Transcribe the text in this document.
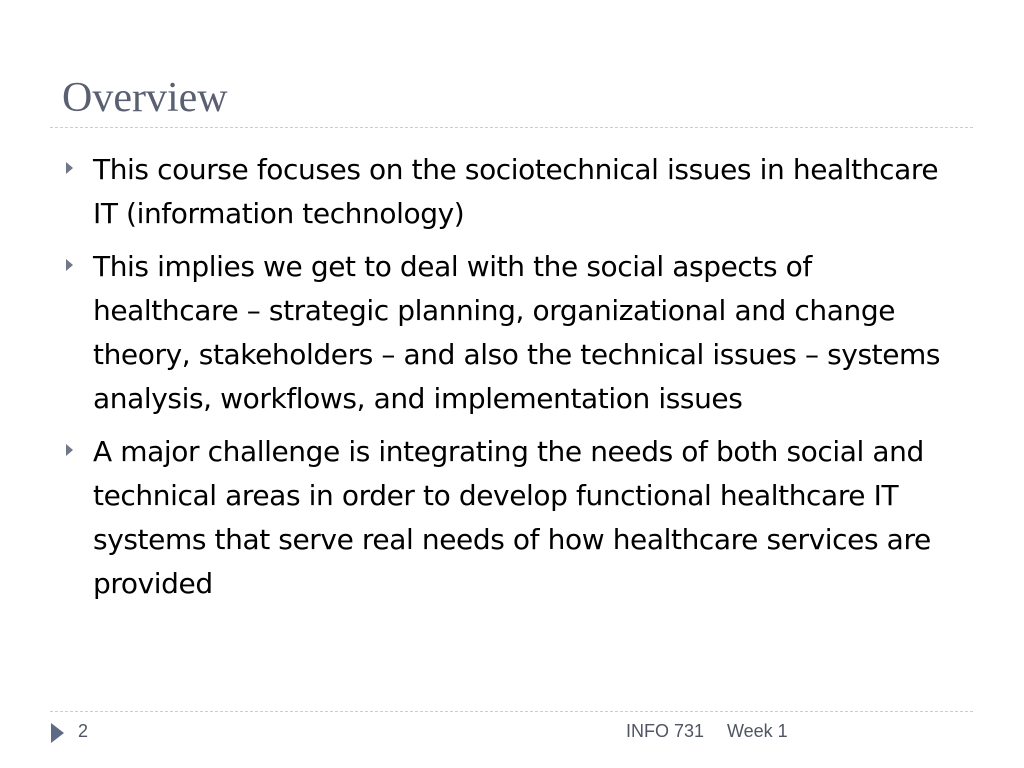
Overview
This course focuses on the sociotechnical issues in healthcare IT (information technology)
This implies we get to deal with the social aspects of healthcare – strategic planning, organizational and change theory, stakeholders – and also the technical issues – systems analysis, workflows, and implementation issues
A major challenge is integrating the needs of both social and technical areas in order to develop functional healthcare IT systems that serve real needs of how healthcare services are provided
2	INFO 731 Week 1
